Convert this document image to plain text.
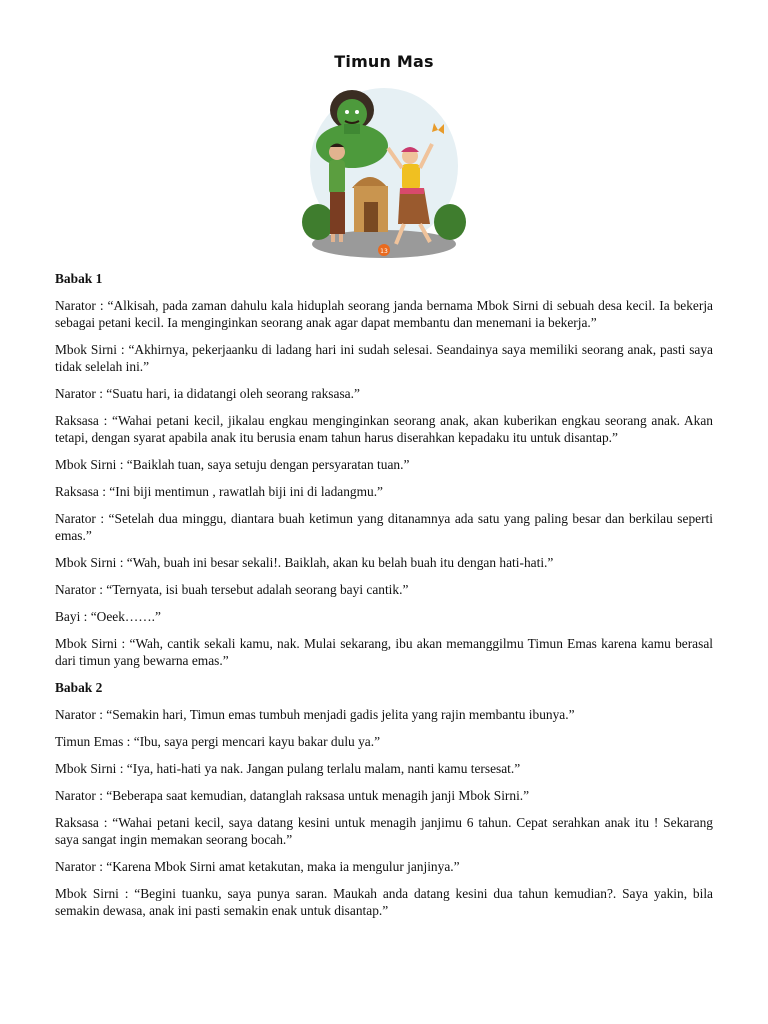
Timun Mas
13
Babak 1

Narator : “Alkisah, pada zaman dahulu kala hiduplah seorang janda bernama Mbok Sirni di sebuah desa kecil. Ia bekerja sebagai petani kecil. Ia menginginkan seorang anak agar dapat membantu dan menemani ia bekerja.”

Mbok Sirni : “Akhirnya, pekerjaanku di ladang hari ini sudah selesai. Seandainya saya memiliki seorang anak, pasti saya tidak selelah ini.”

Narator : “Suatu hari, ia didatangi oleh seorang raksasa.”

Raksasa : “Wahai petani kecil, jikalau engkau menginginkan seorang anak, akan kuberikan engkau seorang anak. Akan tetapi, dengan syarat apabila anak itu berusia enam tahun harus diserahkan kepadaku itu untuk disantap.”

Mbok Sirni : “Baiklah tuan, saya setuju dengan persyaratan tuan.”

Raksasa : “Ini biji mentimun , rawatlah biji ini di ladangmu.”

Narator : “Setelah dua minggu, diantara buah ketimun yang ditanamnya ada satu yang paling besar dan berkilau seperti emas.”

Mbok Sirni : “Wah, buah ini besar sekali!. Baiklah, akan ku belah buah itu dengan hati-hati.”

Narator : “Ternyata, isi buah tersebut adalah seorang bayi cantik.”

Bayi : “Oeek…….”

Mbok Sirni : “Wah, cantik sekali kamu, nak. Mulai sekarang, ibu akan memanggilmu Timun Emas karena kamu berasal dari timun yang bewarna emas.”

Babak 2

Narator : “Semakin hari, Timun emas tumbuh menjadi gadis jelita yang rajin membantu ibunya.”

Timun Emas : “Ibu, saya pergi mencari kayu bakar dulu ya.”

Mbok Sirni : “Iya, hati-hati ya nak. Jangan pulang terlalu malam, nanti kamu tersesat.”

Narator : “Beberapa saat kemudian, datanglah raksasa untuk menagih janji Mbok Sirni.”

Raksasa : “Wahai petani kecil, saya datang kesini untuk menagih janjimu 6 tahun. Cepat serahkan anak itu ! Sekarang saya sangat ingin memakan seorang bocah.”

Narator : “Karena Mbok Sirni amat ketakutan, maka ia mengulur janjinya.”

Mbok Sirni : “Begini tuanku, saya punya saran. Maukah anda datang kesini dua tahun kemudian?. Saya yakin, bila semakin dewasa, anak ini pasti semakin enak untuk disantap.”
